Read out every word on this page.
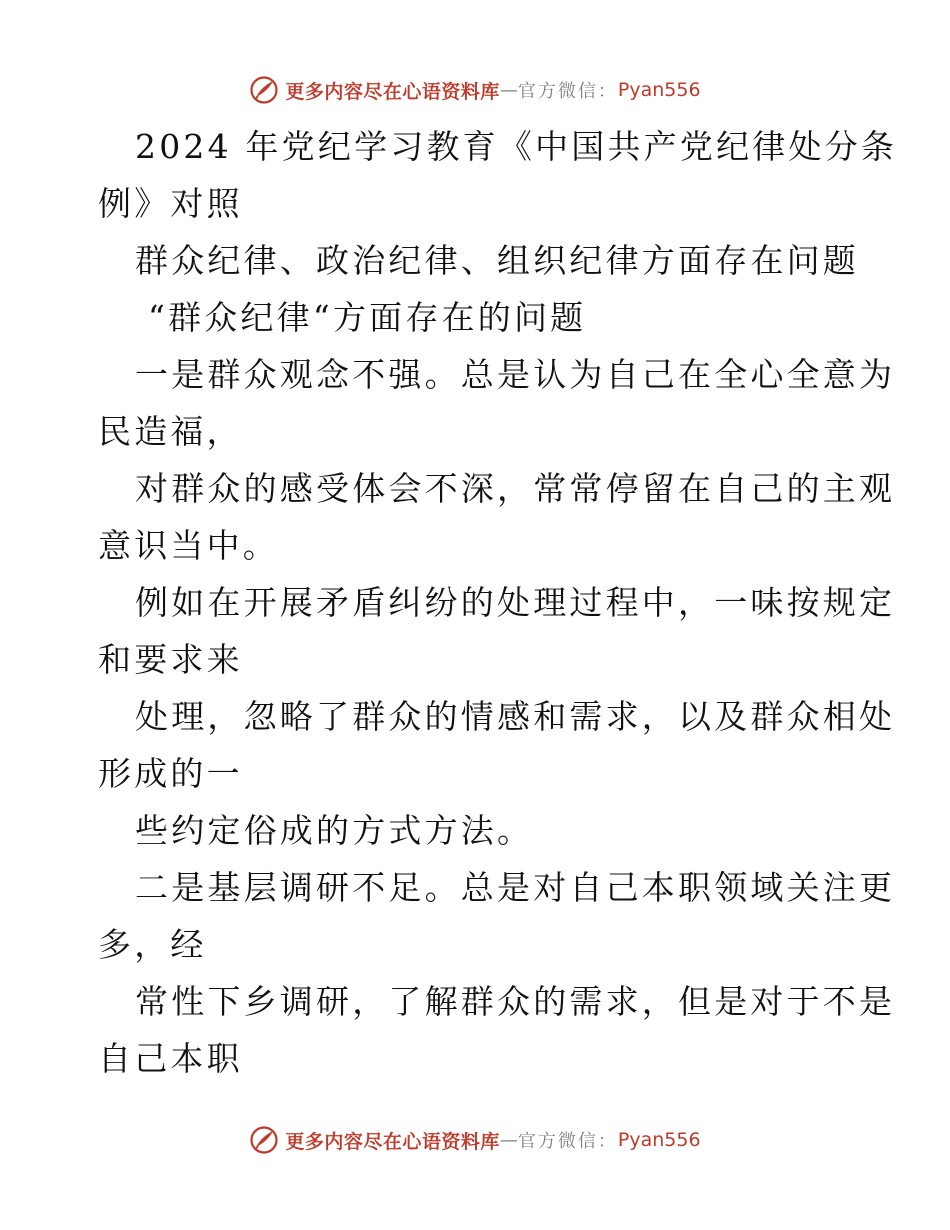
更多内容尽在心语资料库 — 官方微信： Pyan556
2024 年党纪学习教育《中国共产党纪律处分条
例》对照
群众纪律、政治纪律、组织纪律方面存在问题
“群众纪律“方面存在的问题
一是群众观念不强。总是认为自己在全心全意为
民造福，
对群众的感受体会不深，常常停留在自己的主观
意识当中。
例如在开展矛盾纠纷的处理过程中，一味按规定
和要求来
处理，忽略了群众的情感和需求，以及群众相处
形成的一
些约定俗成的方式方法。
二是基层调研不足。总是对自己本职领域关注更
多，经
常性下乡调研，了解群众的需求，但是对于不是
自己本职
更多内容尽在心语资料库 — 官方微信： Pyan556
